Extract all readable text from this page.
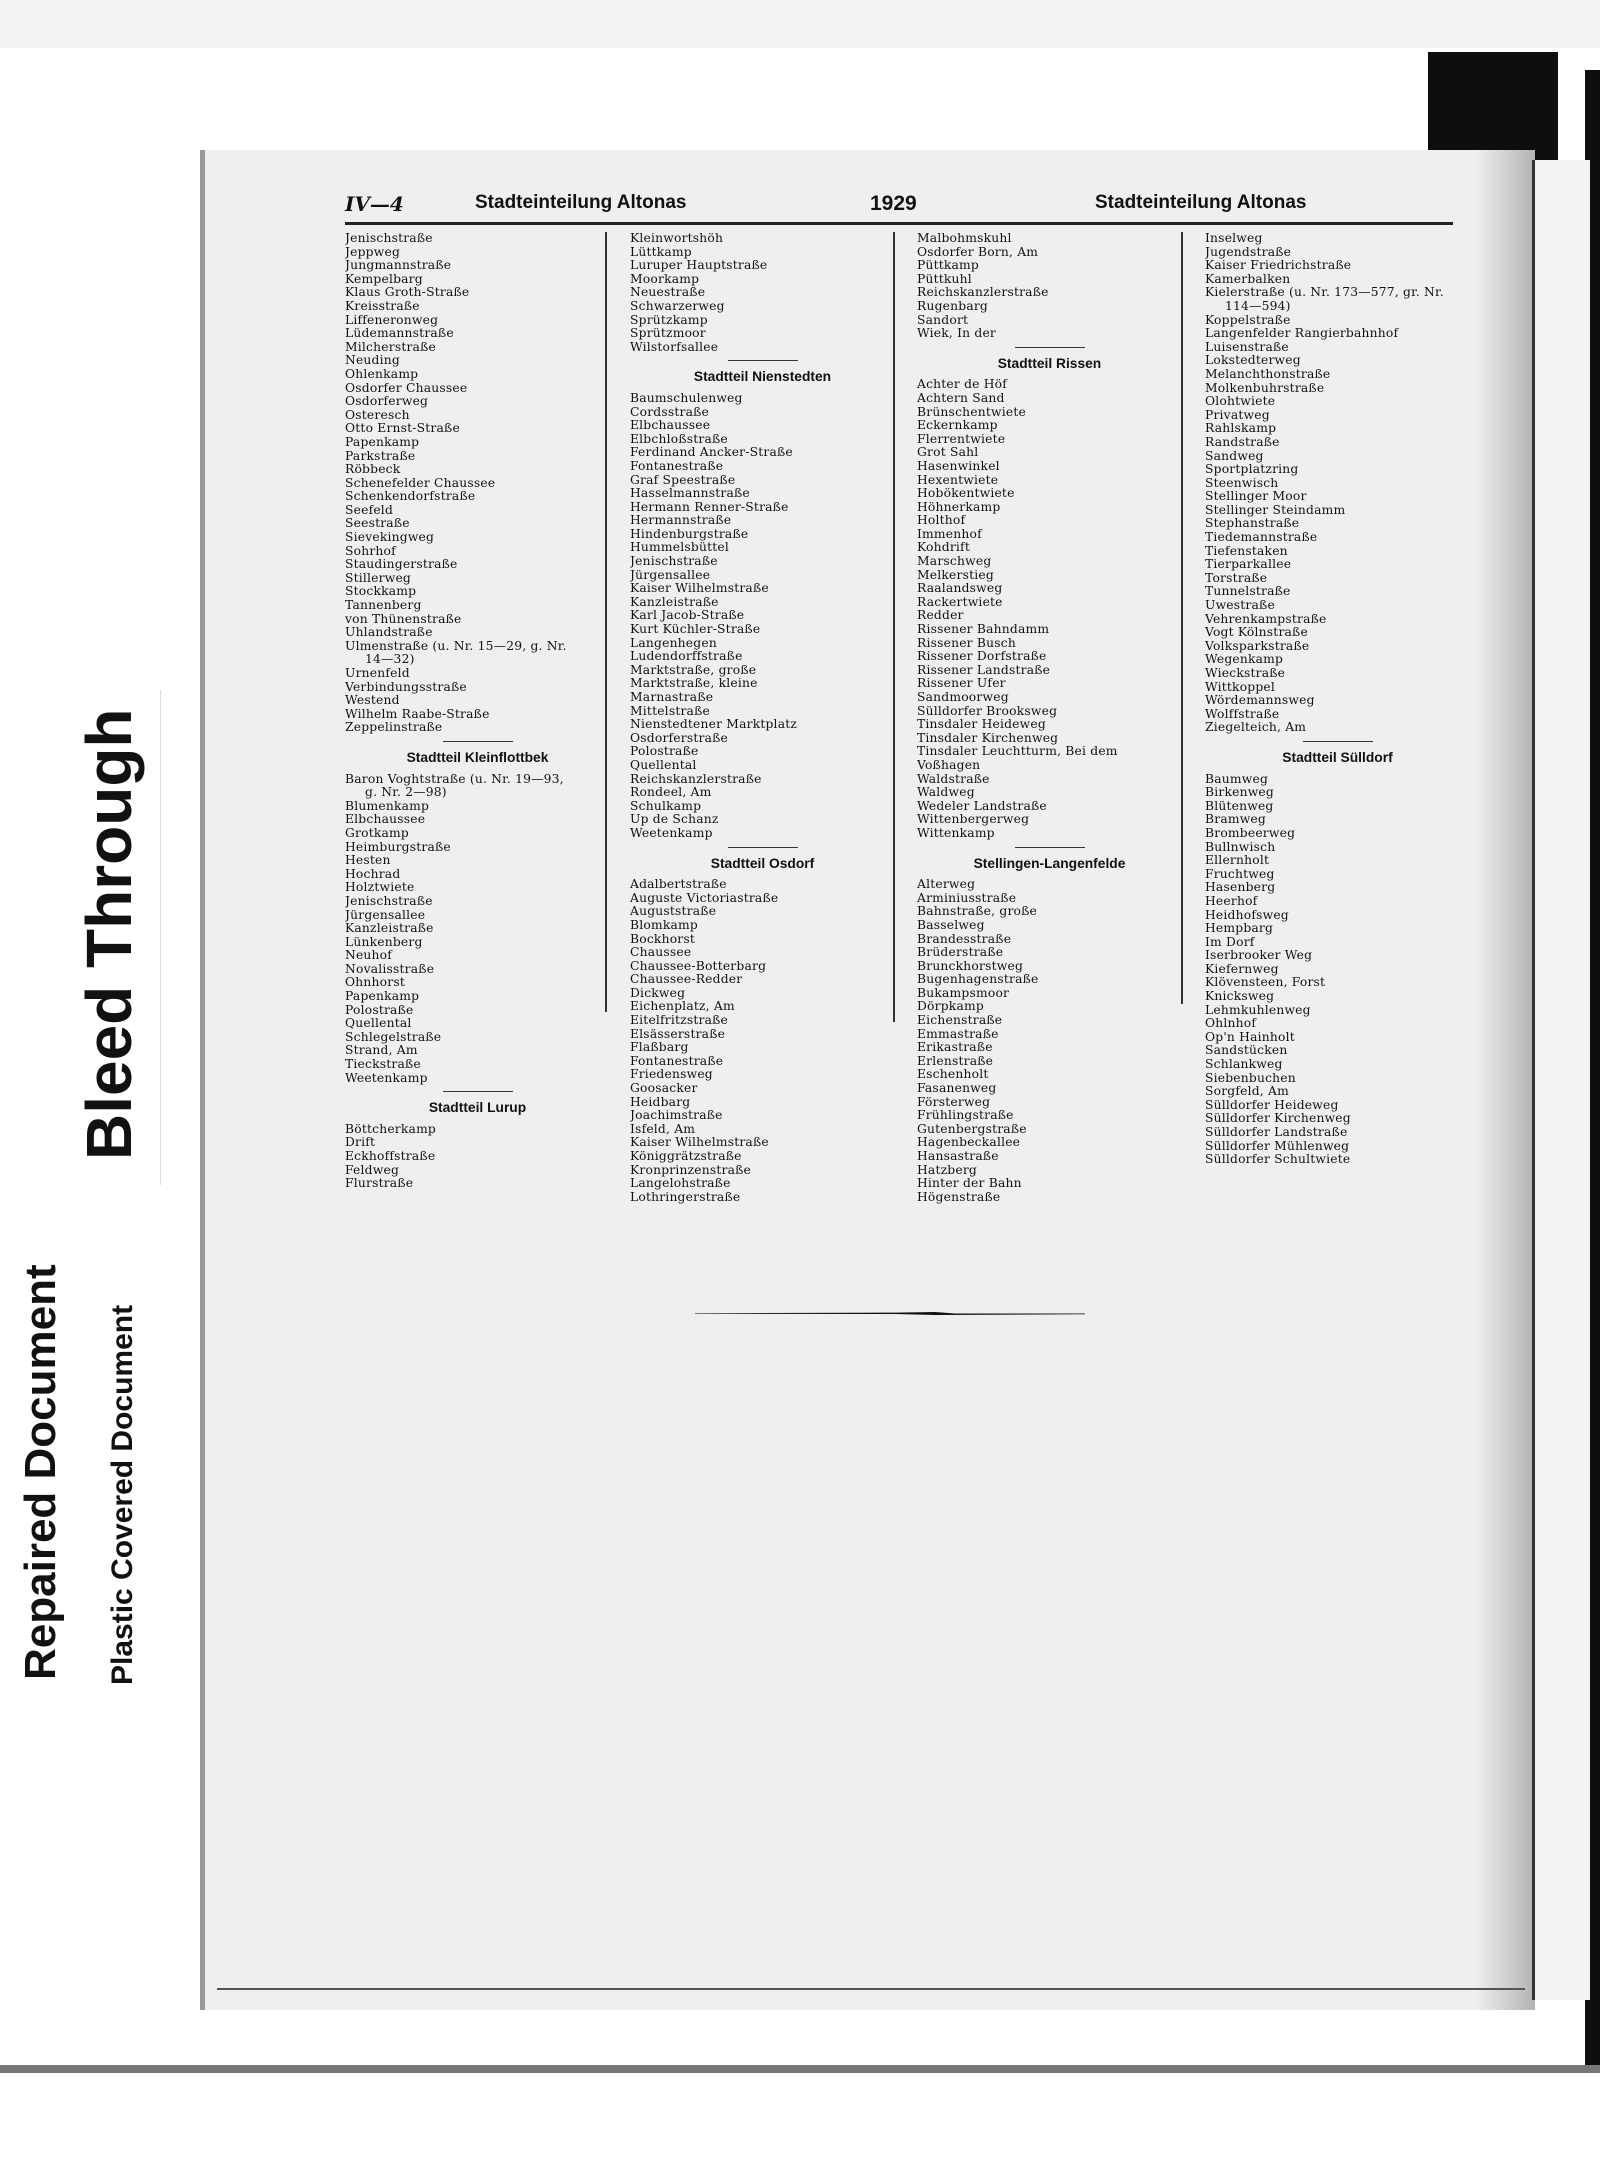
Bleed Through
Repaired Document Plastic Covered Document
IV—4	Stadteinteilung Altonas	1929	Stadteinteilung Altonas
Jenischstraße
Jeppweg
Jungmannstraße
Kempelbarg
Klaus Groth-Straße
Kreisstraße
Liffeneronweg
Lüdemannstraße
Milcherstraße
Neuding
Ohlenkamp
Osdorfer Chaussee
Osdorferweg
Osteresch
Otto Ernst-Straße
Papenkamp
Parkstraße
Röbbeck
Schenefelder Chaussee
Schenkendorfstraße
Seefeld
Seestraße
Sievekingweg
Sohrhof
Staudingerstraße
Stillerweg
Stockkamp
Tannenberg
von Thünenstraße
Uhlandstraße
Ulmenstraße (u. Nr. 15—29, g. Nr.
14—32)
Urnenfeld
Verbindungsstraße
Westend
Wilhelm Raabe-Straße
Zeppelinstraße
Stadtteil Kleinflottbek
Baron Voghtstraße (u. Nr. 19—93,
g. Nr. 2—98)
Blumenkamp
Elbchaussee
Grotkamp
Heimburgstraße
Hesten
Hochrad
Holztwiete
Jenischstraße
Jürgensallee
Kanzleistraße
Lünkenberg
Neuhof
Novalisstraße
Ohnhorst
Papenkamp
Polostraße
Quellental
Schlegelstraße
Strand, Am
Tieckstraße
Weetenkamp
Stadtteil Lurup
Böttcherkamp
Drift
Eckhoffstraße
Feldweg
Flurstraße
Kleinwortshöh
Lüttkamp
Luruper Hauptstraße
Moorkamp
Neuestraße
Schwarzerweg
Sprützkamp
Sprützmoor
Wilstorfsallee
Stadtteil Nienstedten
Baumschulenweg
Cordsstraße
Elbchaussee
Elbchloßstraße
Ferdinand Ancker-Straße
Fontanestraße
Graf Speestraße
Hasselmannstraße
Hermann Renner-Straße
Hermannstraße
Hindenburgstraße
Hummelsbüttel
Jenischstraße
Jürgensallee
Kaiser Wilhelmstraße
Kanzleistraße
Karl Jacob-Straße
Kurt Küchler-Straße
Langenhegen
Ludendorffstraße
Marktstraße, große
Marktstraße, kleine
Marnastraße
Mittelstraße
Nienstedtener Marktplatz
Osdorferstraße
Polostraße
Quellental
Reichskanzlerstraße
Rondeel, Am
Schulkamp
Up de Schanz
Weetenkamp
Stadtteil Osdorf
Adalbertstraße
Auguste Victoriastraße
Auguststraße
Blomkamp
Bockhorst
Chaussee
Chaussee-Botterbarg
Chaussee-Redder
Dickweg
Eichenplatz, Am
Eitelfritzstraße
Elsässerstraße
Flaßbarg
Fontanestraße
Friedensweg
Goosacker
Heidbarg
Joachimstraße
Isfeld, Am
Kaiser Wilhelmstraße
Königgrätzstraße
Kronprinzenstraße
Langelohstraße
Lothringerstraße
Malbohmskuhl
Osdorfer Born, Am
Püttkamp
Püttkuhl
Reichskanzlerstraße
Rugenbarg
Sandort
Wiek, In der
Stadtteil Rissen
Achter de Höf
Achtern Sand
Brünschentwiete
Eckernkamp
Flerrentwiete
Grot Sahl
Hasenwinkel
Hexentwiete
Hobökentwiete
Höhnerkamp
Holthof
Immenhof
Kohdrift
Marschweg
Melkerstieg
Raalandsweg
Rackertwiete
Redder
Rissener Bahndamm
Rissener Busch
Rissener Dorfstraße
Rissener Landstraße
Rissener Ufer
Sandmoorweg
Sülldorfer Brooksweg
Tinsdaler Heideweg
Tinsdaler Kirchenweg
Tinsdaler Leuchtturm, Bei dem
Voßhagen
Waldstraße
Waldweg
Wedeler Landstraße
Wittenbergerweg
Wittenkamp
Stellingen-Langenfelde
Alterweg
Arminiusstraße
Bahnstraße, große
Basselweg
Brandesstraße
Brüderstraße
Brunckhorstweg
Bugenhagenstraße
Bukampsmoor
Dörpkamp
Eichenstraße
Emmastraße
Erikastraße
Erlenstraße
Eschenholt
Fasanenweg
Försterweg
Frühlingstraße
Gutenbergstraße
Hagenbeckallee
Hansastraße
Hatzberg
Hinter der Bahn
Högenstraße
Inselweg
Jugendstraße
Kaiser Friedrichstraße
Kamerbalken
Kielerstraße (u. Nr. 173—577, gr. Nr.
114—594)
Koppelstraße
Langenfelder Rangierbahnhof
Luisenstraße
Lokstedterweg
Melanchthonstraße
Molkenbuhrstraße
Olohtwiete
Privatweg
Rahlskamp
Randstraße
Sandweg
Sportplatzring
Steenwisch
Stellinger Moor
Stellinger Steindamm
Stephanstraße
Tiedemannstraße
Tiefenstaken
Tierparkallee
Torstraße
Tunnelstraße
Uwestraße
Vehrenkampstraße
Vogt Kölnstraße
Volksparkstraße
Wegenkamp
Wieckstraße
Wittkoppel
Wördemannsweg
Wolffstraße
Ziegelteich, Am
Stadtteil Sülldorf
Baumweg
Birkenweg
Blütenweg
Bramweg
Brombeerweg
Bullnwisch
Ellernholt
Fruchtweg
Hasenberg
Heerhof
Heidhofsweg
Hempbarg
Im Dorf
Iserbrooker Weg
Kiefernweg
Klövensteen, Forst
Knicksweg
Lehmkuhlenweg
Ohlnhof
Op'n Hainholt
Sandstücken
Schlankweg
Siebenbuchen
Sorgfeld, Am
Sülldorfer Heideweg
Sülldorfer Kirchenweg
Sülldorfer Landstraße
Sülldorfer Mühlenweg
Sülldorfer Schultwiete
